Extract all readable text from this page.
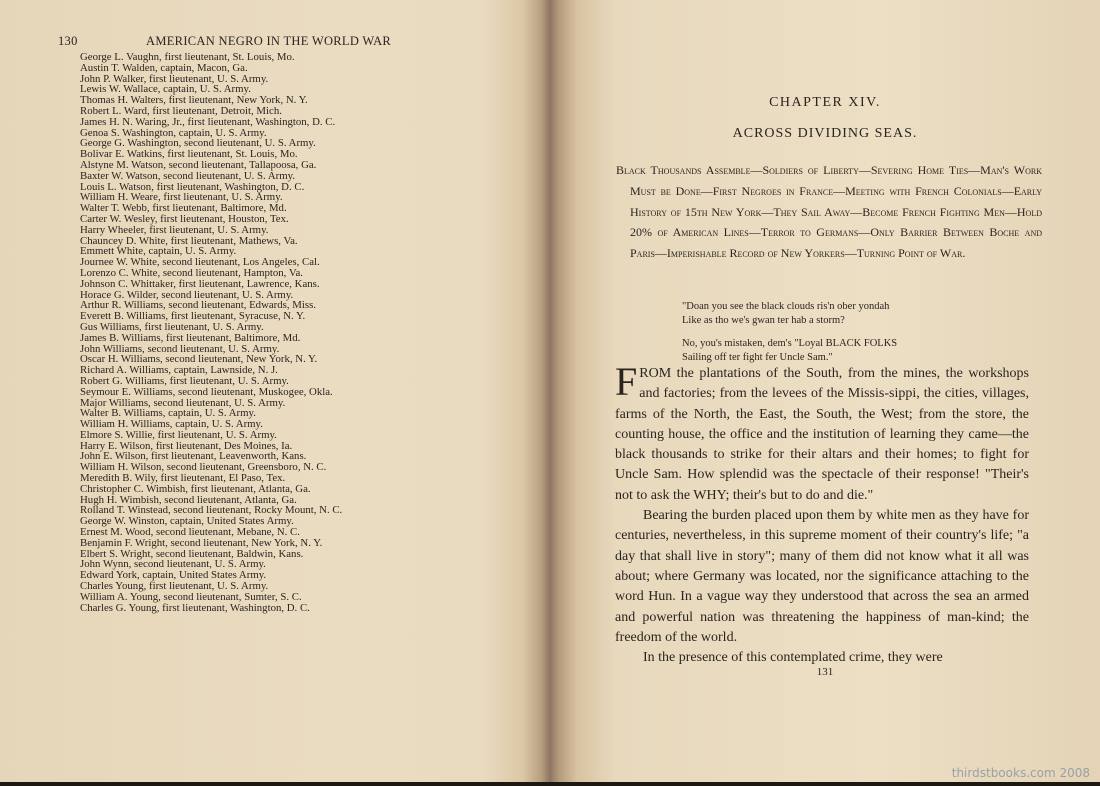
130	AMERICAN NEGRO IN THE WORLD WAR
George L. Vaughn, first lieutenant, St. Louis, Mo.
Austin T. Walden, captain, Macon, Ga.
John P. Walker, first lieutenant, U. S. Army.
Lewis W. Wallace, captain, U. S. Army.
Thomas H. Walters, first lieutenant, New York, N. Y.
Robert L. Ward, first lieutenant, Detroit, Mich.
James H. N. Waring, Jr., first lieutenant, Washington, D. C.
Genoa S. Washington, captain, U. S. Army.
George G. Washington, second lieutenant, U. S. Army.
Bolivar E. Watkins, first lieutenant, St. Louis, Mo.
Alstyne M. Watson, second lieutenant, Tallapoosa, Ga.
Baxter W. Watson, second lieutenant, U. S. Army.
Louis L. Watson, first lieutenant, Washington, D. C.
William H. Weare, first lieutenant, U. S. Army.
Walter T. Webb, first lieutenant, Baltimore, Md.
Carter W. Wesley, first lieutenant, Houston, Tex.
Harry Wheeler, first lieutenant, U. S. Army.
Chauncey D. White, first lieutenant, Mathews, Va.
Emmett White, captain, U. S. Army.
Journee W. White, second lieutenant, Los Angeles, Cal.
Lorenzo C. White, second lieutenant, Hampton, Va.
Johnson C. Whittaker, first lieutenant, Lawrence, Kans.
Horace G. Wilder, second lieutenant, U. S. Army.
Arthur R. Williams, second lieutenant, Edwards, Miss.
Everett B. Williams, first lieutenant, Syracuse, N. Y.
Gus Williams, first lieutenant, U. S. Army.
James B. Williams, first lieutenant, Baltimore, Md.
John Williams, second lieutenant, U. S. Army.
Oscar H. Williams, second lieutenant, New York, N. Y.
Richard A. Williams, captain, Lawnside, N. J.
Robert G. Williams, first lieutenant, U. S. Army.
Seymour E. Williams, second lieutenant, Muskogee, Okla.
Major Williams, second lieutenant, U. S. Army.
Walter B. Williams, captain, U. S. Army.
William H. Williams, captain, U. S. Army.
Elmore S. Willie, first lieutenant, U. S. Army.
Harry E. Wilson, first lieutenant, Des Moines, Ia.
John E. Wilson, first lieutenant, Leavenworth, Kans.
William H. Wilson, second lieutenant, Greensboro, N. C.
Meredith B. Wily, first lieutenant, El Paso, Tex.
Christopher C. Wimbish, first lieutenant, Atlanta, Ga.
Hugh H. Wimbish, second lieutenant, Atlanta, Ga.
Rolland T. Winstead, second lieutenant, Rocky Mount, N. C.
George W. Winston, captain, United States Army.
Ernest M. Wood, second lieutenant, Mebane, N. C.
Benjamin F. Wright, second lieutenant, New York, N. Y.
Elbert S. Wright, second lieutenant, Baldwin, Kans.
John Wynn, second lieutenant, U. S. Army.
Edward York, captain, United States Army.
Charles Young, first lieutenant, U. S. Army.
William A. Young, second lieutenant, Sumter, S. C.
Charles G. Young, first lieutenant, Washington, D. C.
CHAPTER XIV.
ACROSS DIVIDING SEAS.
Black Thousands Assemble—Soldiers of Liberty—Severing Home Ties—Man's Work Must be Done—First Negroes in France—Meeting with French Colonials—Early History of 15th New York—They Sail Away—Become French Fighting Men—Hold 20% of American Lines—Terror to Germans—Only Barrier Between Boche and Paris—Imperishable Record of New Yorkers—Turning Point of War.
"Doan you see the black clouds ris'n ober yondah
Like as tho we's gwan ter hab a storm?
No, you's mistaken, dem's "Loyal BLACK FOLKS
Sailing off ter fight fer Uncle Sam."

FROM the plantations of the South, from the mines, the workshops and factories; from the levees of the Missis-sippi, the cities, villages, farms of the North, the East, the South, the West; from the store, the counting house, the office and the institution of learning they came—the black thousands to strike for their altars and their homes; to fight for Uncle Sam. How splendid was the spectacle of their response! "Their's not to ask the WHY; their's but to do and die."

Bearing the burden placed upon them by white men as they have for centuries, nevertheless, in this supreme moment of their country's life; "a day that shall live in story"; many of them did not know what it all was about; where Germany was located, nor the significance attaching to the word Hun. In a vague way they understood that across the sea an armed and powerful nation was threatening the happiness of man-kind; the freedom of the world.

In the presence of this contemplated crime, they were

131
thirdstbooks.com 2008
